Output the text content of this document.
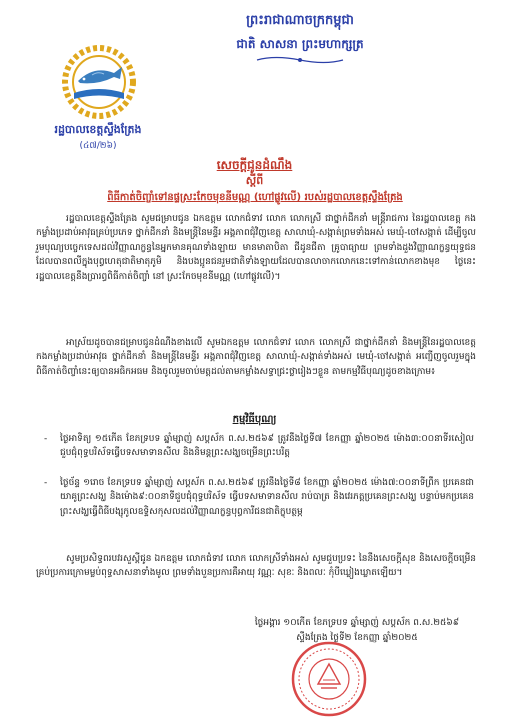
ព្រះរាជាណាចក្រកម្ពុជា
ជាតិ សាសនា ព្រះមហាក្សត្រ
រដ្ឋបាលខេត្តស្ទឹងត្រែង
(៤៧/២៦)
សេចក្តីជូនដំណឹង
ស្តីពី
ពិធីកាត់ចិញ្ចាំទៅនផ្ទស្រះកែចមុខនីមណ្ណ (ហៅផ្លូវលើ) របស់រដ្ឋបាលខេត្តស្ទឹងត្រែង
រដ្ឋបាលខេត្តស្ទឹងត្រែង សូមជម្រាបជូន ឯកឧត្តម លោកជំទាវ លោក លោកស្រី ជាថ្នាក់ដឹកនាំ មន្ត្រីរាជការ នៃរដ្ឋបាលខេត្ត កងកម្លាំងប្រដាប់អាវុធគ្រប់ប្រភេទ ថ្នាក់ដឹកនាំ និងមន្ត្រីនៃមន្ទីរ អង្គភាពជុំវិញខេត្ត សាលាឃុំ-សង្កាត់ព្រមទាំងអស់ មេឃុំ-ចៅសង្កាត់ ដើម្បីចូលរួមបុណ្យបច្ចេកទេសដល់វិញ្ញាណក្ខន្ធនៃអ្នកមានគុណទាំងឡាយ មានមាតាបិតា ជីដូនជីតា គ្រូបាធ្យាយ ព្រមទាំងដួងវិញ្ញាណក្ខន្ធយុទ្ធជនដែលបានពលីក្នុងបុព្វហេតុជាតិមាតុភូមិ និងបងប្អូនជនរួមជាតិទាំងឡាយដែលបានលាចាកលោកនេះទៅកាន់លោកខាងមុខ ថ្ងៃនេះ រដ្ឋបាលខេត្តនឹងប្រារព្ធពិធីកាត់ចិញ្ចាំ នៅ ស្រះកែចមុខនីមណ្ណ (ហៅផ្លូវលើ)។
អាស្រ័យដូចបានជម្រាបជូនដំណឹងខាងលើ សូមឯកឧត្តម លោកជំទាវ លោក លោកស្រី ជាថ្នាក់ដឹកនាំ និងមន្ត្រីនៃរដ្ឋបាលខេត្ត កងកម្លាំងប្រដាប់អាវុធ ថ្នាក់ដឹកនាំ និងមន្ត្រីនៃមន្ទីរ អង្គភាពជុំវិញខេត្ត សាលាឃុំ-សង្កាត់ទាំងអស់ មេឃុំ-ចៅសង្កាត់ អញ្ជើញចូលរួមក្នុងពិធីកាត់ចិញ្ចាំនេះឲ្យបានអធិកអធម និងចូលរួមចាប់មត្តដល់តាមកម្លាំងសទ្ធាជ្រះថ្លារៀងៗខ្លួន តាមកម្មវិធីបុណ្យដូចខាងក្រោម៖
កម្មវិធីបុណ្យ
- ថ្ងៃអាទិត្យ ១៥កើត ខែភទ្របទ ឆ្នាំម្សាញ់ សប្តស័ក ព.ស.២៥៦៩ ត្រូវនឹងថ្ងៃទី៧ ខែកញ្ញា ឆ្នាំ២០២៥ ម៉ោង៣:០០នាទីរសៀល ជួបជុំពុទ្ធបរិស័ទធ្វើបទសមាទានសីល និងនិមន្តព្រះសង្ឃចម្រើនព្រះបរិត្ត
- ថ្ងៃច័ន្ទ ១រោច ខែភទ្របទ ឆ្នាំម្សាញ់ សប្តស័ក ព.ស.២៥៦៩ ត្រូវនឹងថ្ងៃទី៨ ខែកញ្ញា ឆ្នាំ២០២៥ ម៉ោង៧:០០នាទីព្រឹក ប្រគេនជាយាគូព្រះសង្ឃ និងម៉ោង៩:០០នាទីជួបជុំពុទ្ធបរិស័ទ ធ្វើបទសមាទានសីល រាប់បាត្រ និងវេរភត្តប្រគេនព្រះសង្ឃ បន្ទាប់មកប្រគេនព្រះសង្ឃធ្វើពិធីបង្សុកូលឧទ្ទិសកុសលដល់វិញ្ញាណក្ខន្ធបុព្វការីជនជាតិក្ខុបត្ថម្ភ
សូមប្រសិទ្ធពរបវរសួស្តីជូន ឯកឧត្តម លោកជំទាវ លោក លោកស្រីទាំងអស់ សូមជួបប្រទះ នៃនឹងសេចក្តីសុខ និងសេចក្តីចម្រើនគ្រប់ប្រការក្រោមម្លប់ពុទ្ធសាសនាទាំងមូល ព្រមទាំងបួនប្រការគឺអាយុ វណ្ណៈ សុខៈ និងពលៈ កុំបីឃ្លៀងឃ្លាតឡើយ។
ថ្ងៃអង្គារ ១០កើត ខែភទ្របទ ឆ្នាំម្សាញ់ សប្តស័ក ព.ស.២៥៦៩
ស្ទឹងត្រែង ថ្ងៃទី២ ខែកញ្ញា ឆ្នាំ២០២៥
